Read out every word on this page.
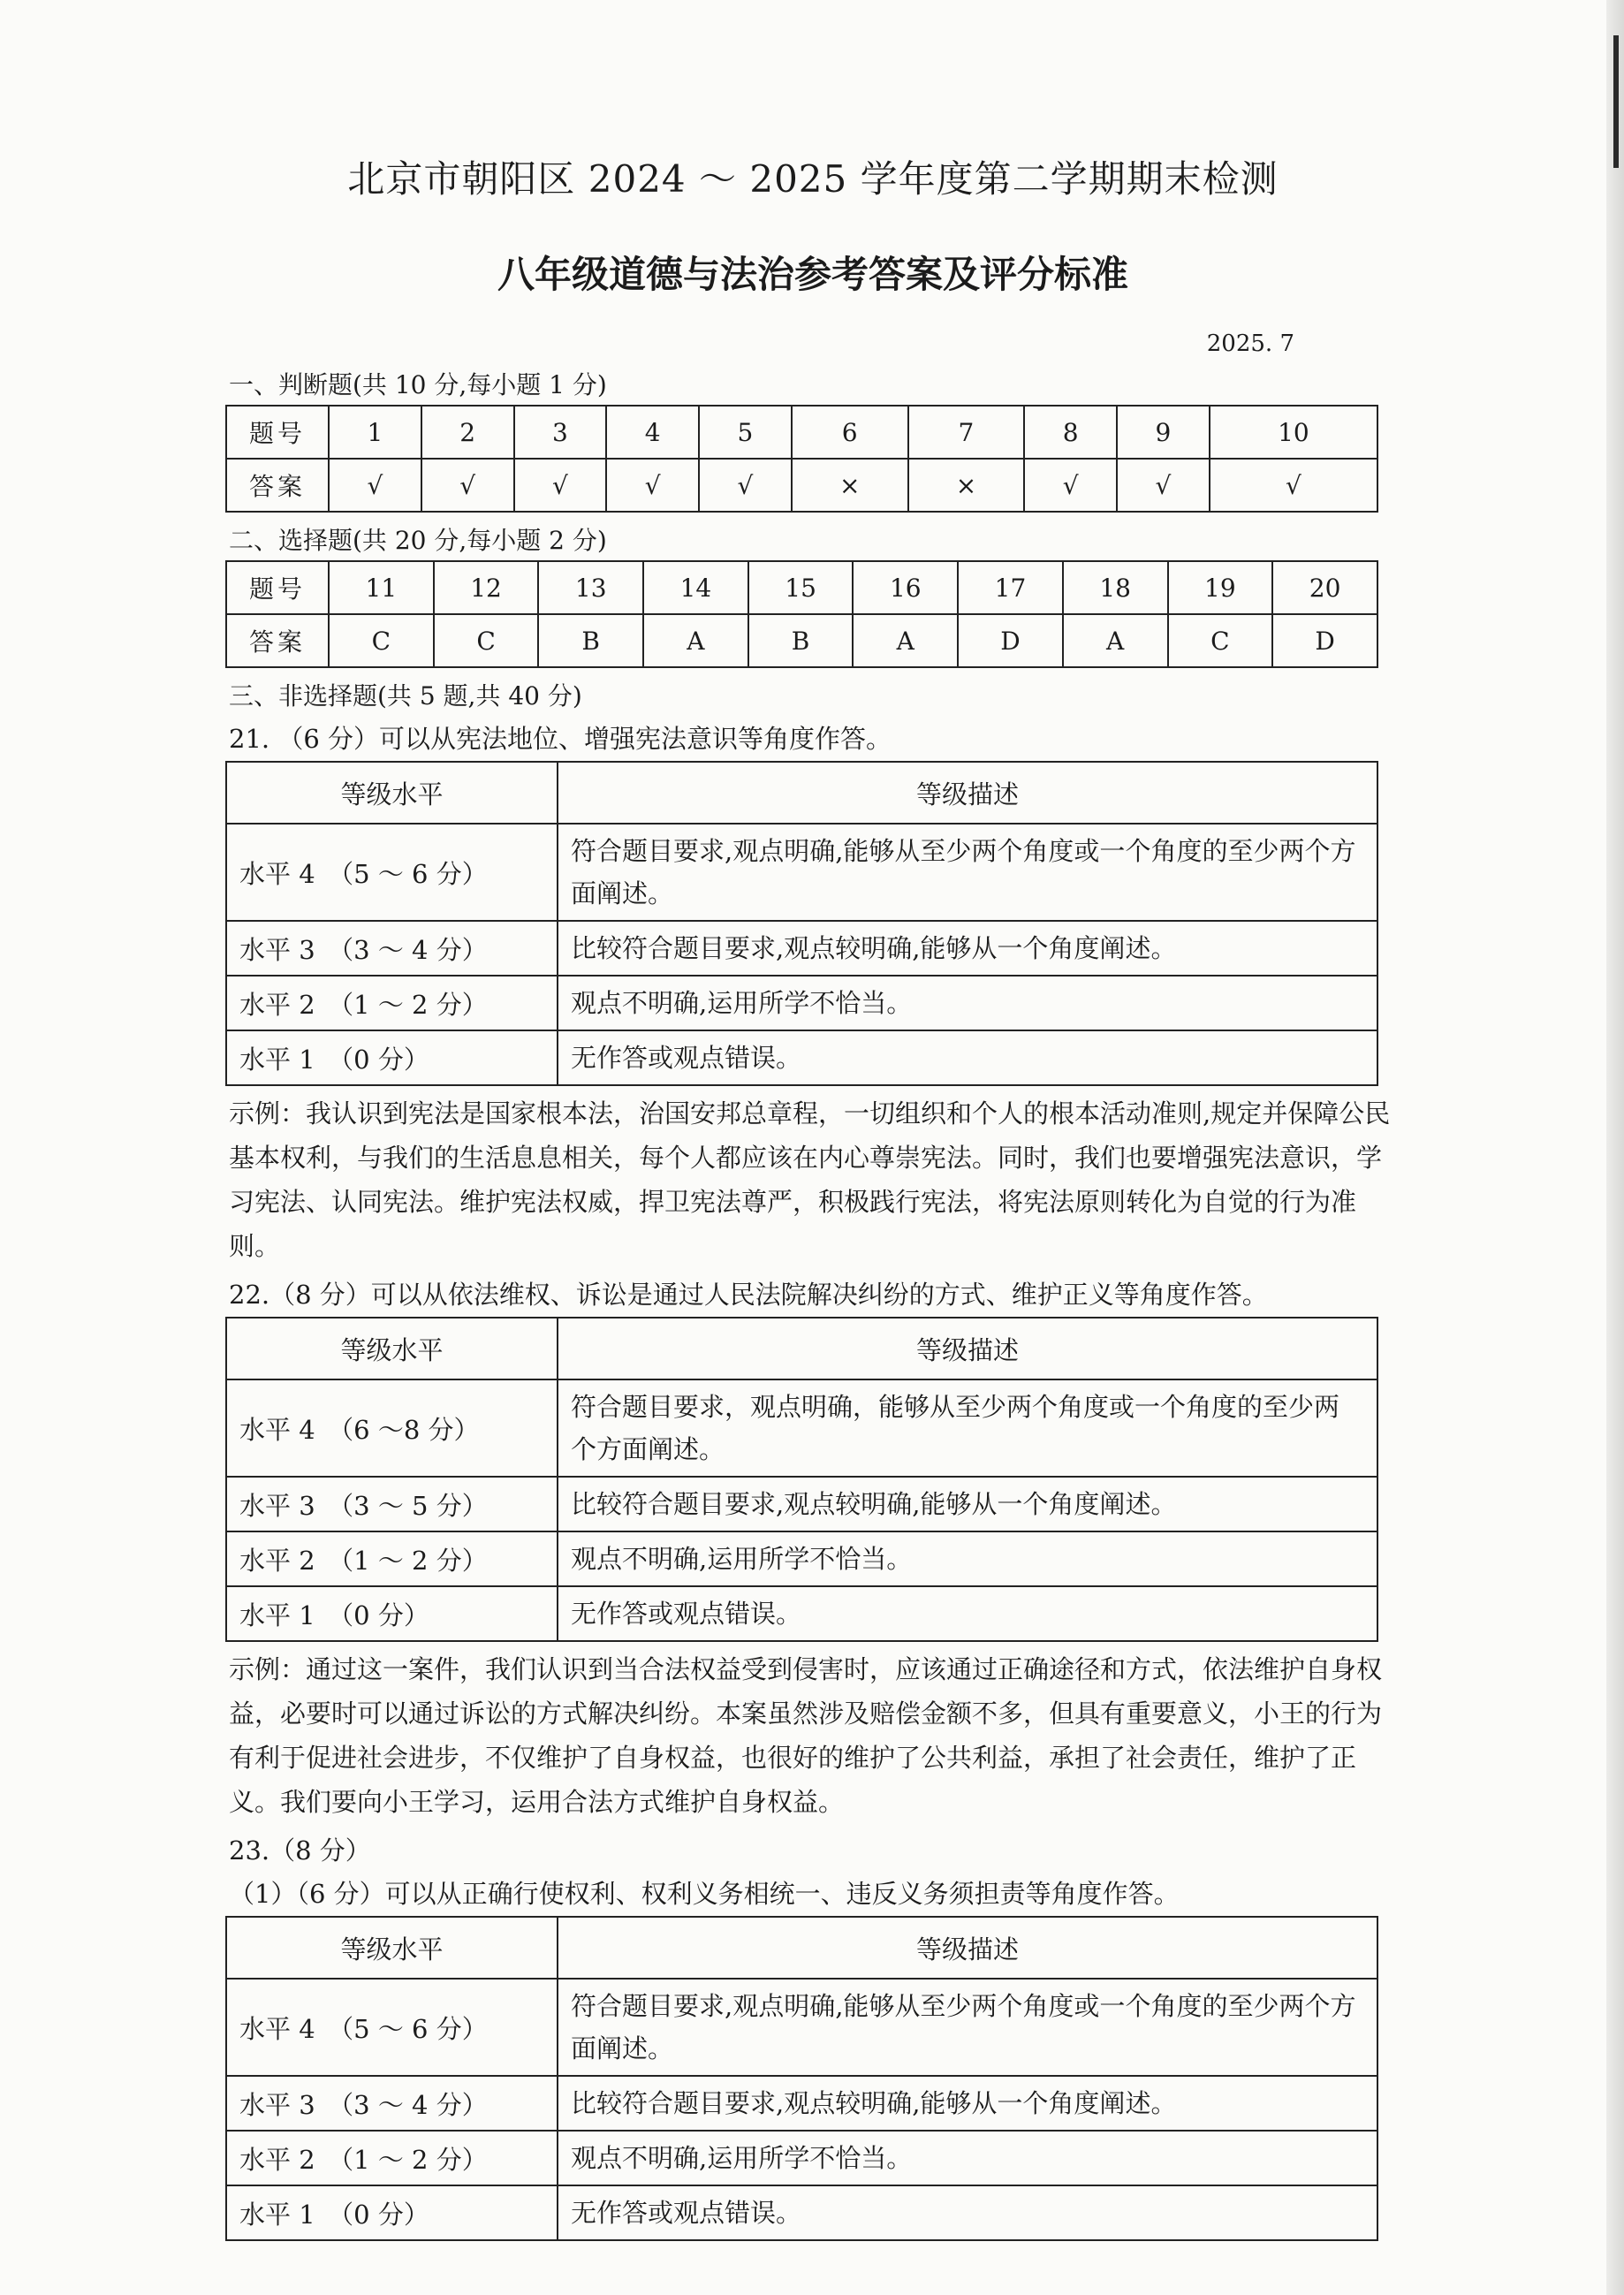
北京市朝阳区 2024 ～ 2025 学年度第二学期期末检测
八年级道德与法治参考答案及评分标准
2025. 7
一、判断题(共 10 分,每小题 1 分)
题号	1	2	3	4	5	6	7	8	9	10
答案	√	√	√	√	√	×	×	√	√	√
二、选择题(共 20 分,每小题 2 分)
题号	11	12	13	14	15	16	17	18	19	20
答案	C	C	B	A	B	A	D	A	C	D
三、非选择题(共 5 题,共 40 分)
21. （6 分）可以从宪法地位、增强宪法意识等角度作答。
等级水平	等级描述
水平 4　（5 ～ 6 分）	符合题目要求,观点明确,能够从至少两个角度或一个角度的至少两个方面阐述。
水平 3　（3 ～ 4 分）	比较符合题目要求,观点较明确,能够从一个角度阐述。
水平 2　（1 ～ 2 分）	观点不明确,运用所学不恰当。
水平 1　（0 分）	无作答或观点错误。
示例：我认识到宪法是国家根本法，治国安邦总章程，一切组织和个人的根本活动准则,规定并保障公民基本权利，与我们的生活息息相关，每个人都应该在内心尊崇宪法。同时，我们也要增强宪法意识，学习宪法、认同宪法。维护宪法权威，捍卫宪法尊严，积极践行宪法，将宪法原则转化为自觉的行为准则。
22.（8 分）可以从依法维权、诉讼是通过人民法院解决纠纷的方式、维护正义等角度作答。
等级水平	等级描述
水平 4　（6 ～8 分）	符合题目要求，观点明确，能够从至少两个角度或一个角度的至少两个方面阐述。
水平 3　（3 ～ 5 分）	比较符合题目要求,观点较明确,能够从一个角度阐述。
水平 2　（1 ～ 2 分）	观点不明确,运用所学不恰当。
水平 1　（0 分）	无作答或观点错误。
示例：通过这一案件，我们认识到当合法权益受到侵害时，应该通过正确途径和方式，依法维护自身权益，必要时可以通过诉讼的方式解决纠纷。本案虽然涉及赔偿金额不多，但具有重要意义，小王的行为有利于促进社会进步，不仅维护了自身权益，也很好的维护了公共利益，承担了社会责任，维护了正义。我们要向小王学习，运用合法方式维护自身权益。
23.（8 分）
（1）（6 分）可以从正确行使权利、权利义务相统一、违反义务须担责等角度作答。
等级水平	等级描述
水平 4　（5 ～ 6 分）	符合题目要求,观点明确,能够从至少两个角度或一个角度的至少两个方面阐述。
水平 3　（3 ～ 4 分）	比较符合题目要求,观点较明确,能够从一个角度阐述。
水平 2　（1 ～ 2 分）	观点不明确,运用所学不恰当。
水平 1　（0 分）	无作答或观点错误。
